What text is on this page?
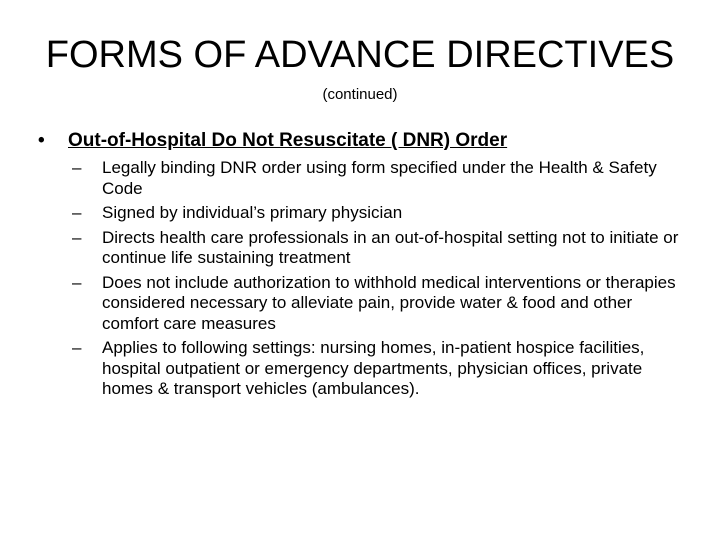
FORMS OF ADVANCE DIRECTIVES
(continued)
• Out-of-Hospital Do Not Resuscitate ( DNR) Order
–	Legally binding DNR order using form specified under the Health & Safety Code
–	Signed by individual’s primary physician
–	Directs health care professionals in an out-of-hospital setting not to initiate or continue life sustaining treatment
–	Does not include authorization to withhold medical interventions or therapies considered necessary to alleviate pain, provide water & food and other comfort care measures
–	Applies to following settings: nursing homes, in-patient hospice facilities, hospital outpatient or emergency departments, physician offices, private homes & transport vehicles (ambulances).
